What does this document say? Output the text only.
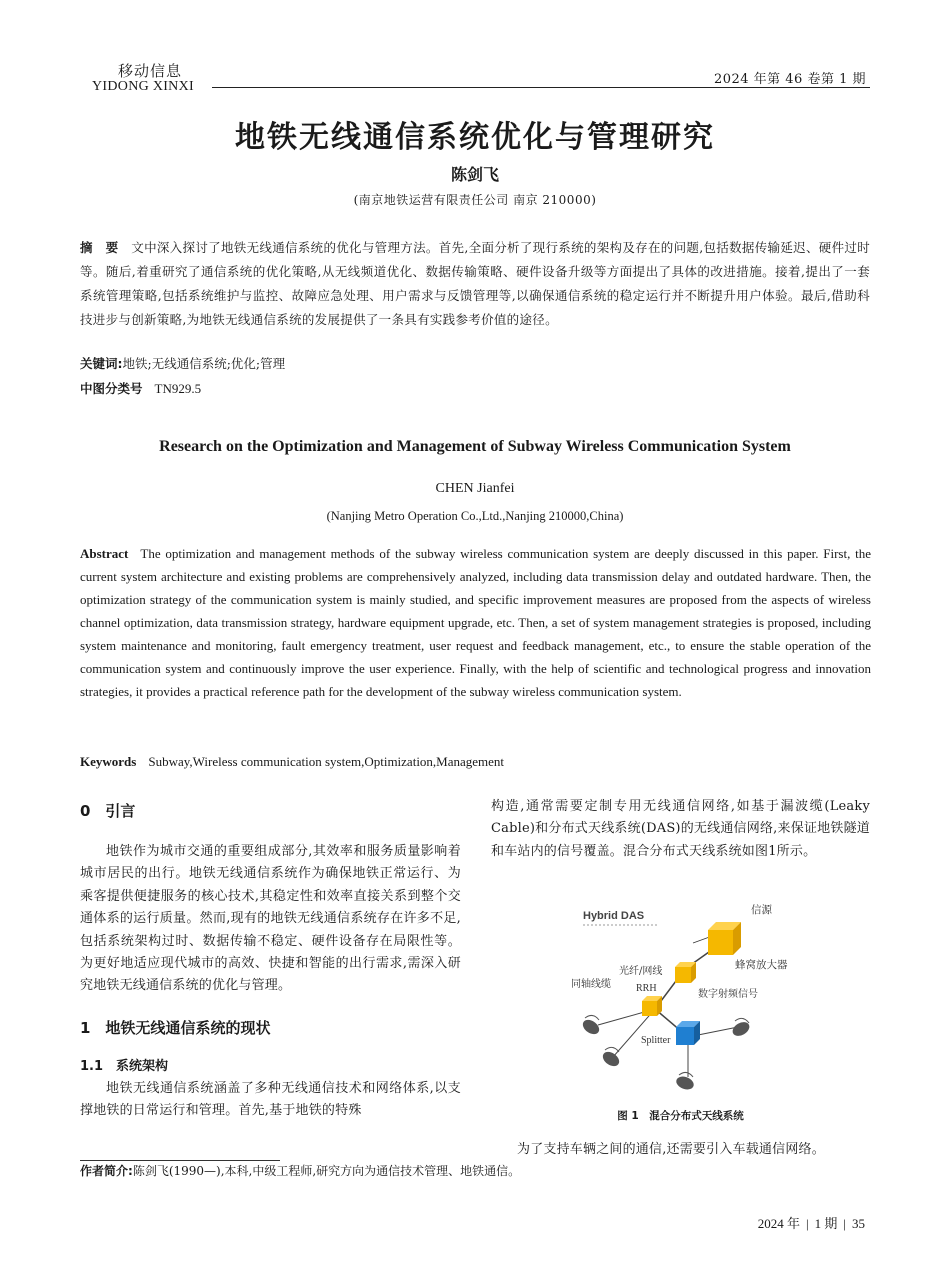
移动信息
YIDONG XINXI	2024 年第 46 卷第 1 期
地铁无线通信系统优化与管理研究
陈剑飞
(南京地铁运营有限责任公司 南京 210000)
摘　要 文中深入探讨了地铁无线通信系统的优化与管理方法。首先,全面分析了现行系统的架构及存在的问题,包括数据传输延迟、硬件过时等。随后,着重研究了通信系统的优化策略,从无线频道优化、数据传输策略、硬件设备升级等方面提出了具体的改进措施。接着,提出了一套系统管理策略,包括系统维护与监控、故障应急处理、用户需求与反馈管理等,以确保通信系统的稳定运行并不断提升用户体验。最后,借助科技进步与创新策略,为地铁无线通信系统的发展提供了一条具有实践参考价值的途径。
关键词:地铁;无线通信系统;优化;管理
中图分类号 TN929.5
Research on the Optimization and Management of Subway Wireless Communication System
CHEN Jianfei
(Nanjing Metro Operation Co.,Ltd.,Nanjing 210000,China)
Abstract The optimization and management methods of the subway wireless communication system are deeply discussed in this paper. First, the current system architecture and existing problems are comprehensively analyzed, including data transmission delay and outdated hardware. Then, the optimization strategy of the communication system is mainly studied, and specific improvement measures are proposed from the aspects of wireless channel optimization, data transmission strategy, hardware equipment upgrade, etc. Then, a set of system management strategies is proposed, including system maintenance and monitoring, fault emergency treatment, user request and feedback management, etc., to ensure the stable operation of the communication system and continuously improve the user experience. Finally, with the help of scientific and technological progress and innovation strategies, it provides a practical reference path for the development of the subway wireless communication system.
Keywords Subway,Wireless communication system,Optimization,Management
0　引言

地铁作为城市交通的重要组成部分,其效率和服务质量影响着城市居民的出行。地铁无线通信系统作为确保地铁正常运行、为乘客提供便捷服务的核心技术,其稳定性和效率直接关系到整个交通体系的运行质量。然而,现有的地铁无线通信系统存在许多不足,包括系统架构过时、数据传输不稳定、硬件设备存在局限性等。为更好地适应现代城市的高效、快捷和智能的出行需求,需深入研究地铁无线通信系统的优化与管理。

1　地铁无线通信系统的现状
1.1　系统架构

地铁无线通信系统涵盖了多种无线通信技术和网络体系,以支撑地铁的日常运行和管理。首先,基于地铁的特殊

构造,通常需要定制专用无线通信网络,如基于漏波缆(Leaky Cable)和分布式天线系统(DAS)的无线通信网络,来保证地铁隧道和车站内的信号覆盖。混合分布式天线系统如图1所示。

Hybrid DAS	信源
蜂窝放大器
光纤/网线
同轴线缆	RRH
数字射频信号
Splitter
图 1　混合分布式天线系统

为了支持车辆之间的通信,还需要引入车载通信网络。

作者简介:陈剑飞(1990—),本科,中级工程师,研究方向为通信技术管理、地铁通信。
2024 年 | 1 期 | 35
